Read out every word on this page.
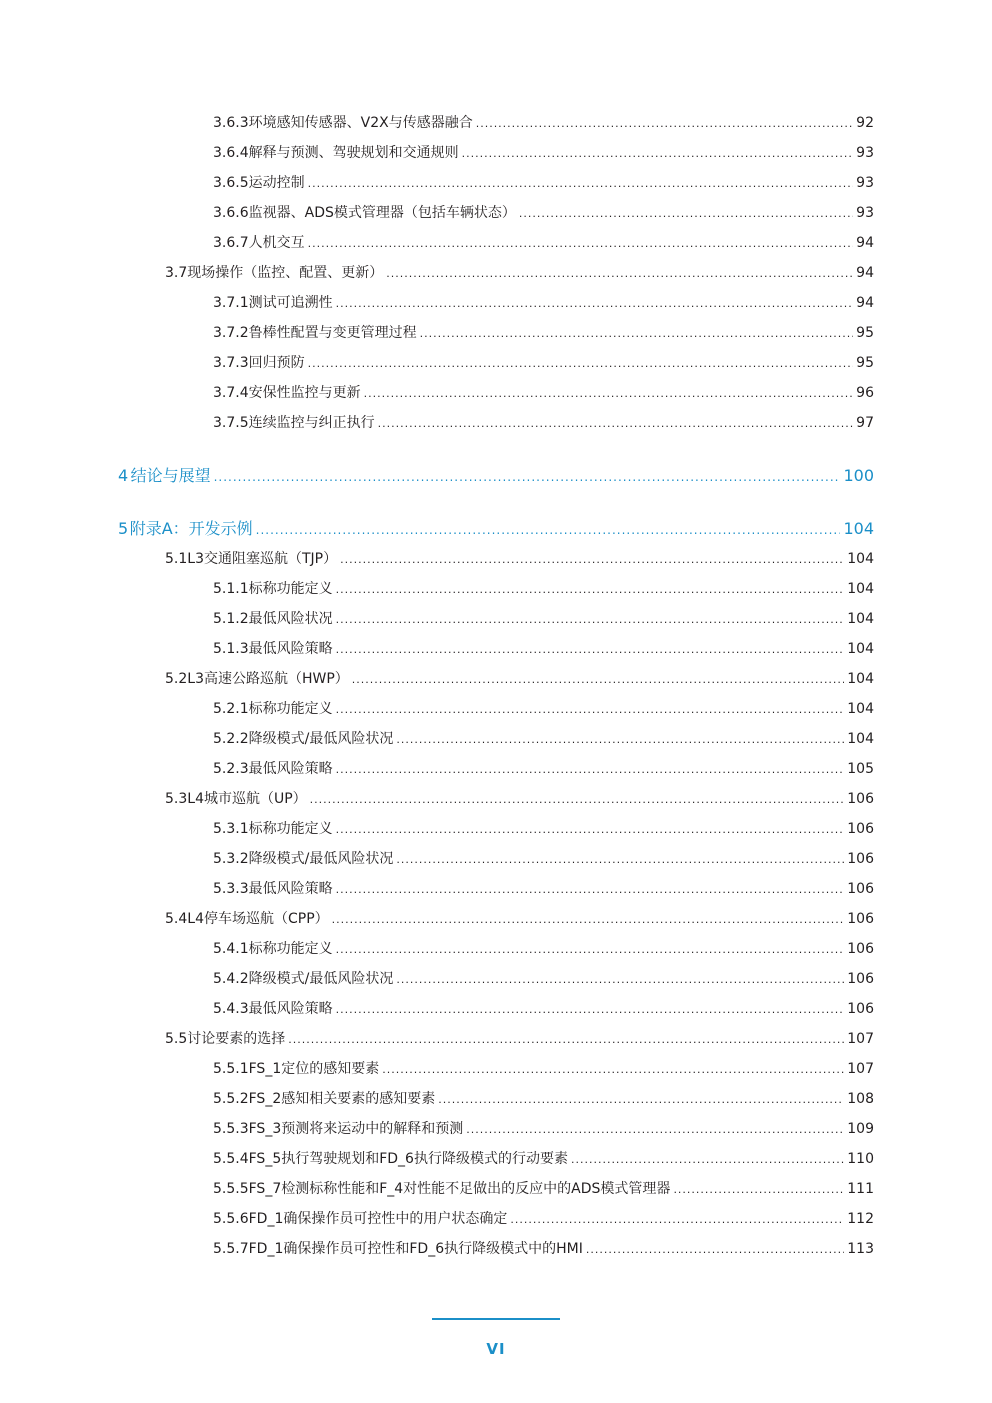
3.6.3 环境感知传感器、V2X与传感器融合 .....	92
3.6.4 解释与预测、驾驶规划和交通规则 .....	93
3.6.5 运动控制 .....	93
3.6.6 监视器、ADS模式管理器（包括车辆状态） .....	93
3.6.7 人机交互 .....	94
3.7 现场操作（监控、配置、更新） .....	94
3.7.1 测试可追溯性 .....	94
3.7.2 鲁棒性配置与变更管理过程 .....	95
3.7.3 回归预防 .....	95
3.7.4 安保性监控与更新 .....	96
3.7.5 连续监控与纠正执行 .....	97
4 结论与展望 .....	100
5 附录A：开发示例 .....	104
5.1 L3交通阻塞巡航（TJP） .....	104
5.1.1 标称功能定义 .....	104
5.1.2 最低风险状况 .....	104
5.1.3 最低风险策略 .....	104
5.2 L3高速公路巡航（HWP） .....	104
5.2.1 标称功能定义 .....	104
5.2.2 降级模式/最低风险状况 .....	104
5.2.3 最低风险策略 .....	105
5.3 L4城市巡航（UP） .....	106
5.3.1 标称功能定义 .....	106
5.3.2 降级模式/最低风险状况 .....	106
5.3.3 最低风险策略 .....	106
5.4 L4停车场巡航（CPP） .....	106
5.4.1 标称功能定义 .....	106
5.4.2 降级模式/最低风险状况 .....	106
5.4.3 最低风险策略 .....	106
5.5 讨论要素的选择 .....	107
5.5.1 FS_1定位的感知要素 .....	107
5.5.2 FS_2感知相关要素的感知要素 .....	108
5.5.3 FS_3预测将来运动中的解释和预测 .....	109
5.5.4 FS_5执行驾驶规划和FD_6执行降级模式的行动要素 .....	110
5.5.5 FS_7检测标称性能和F_4对性能不足做出的反应中的ADS模式管理器 .....	111
5.5.6 FD_1确保操作员可控性中的用户状态确定 .....	112
5.5.7 FD_1确保操作员可控性和FD_6执行降级模式中的HMI .....	113
VI
